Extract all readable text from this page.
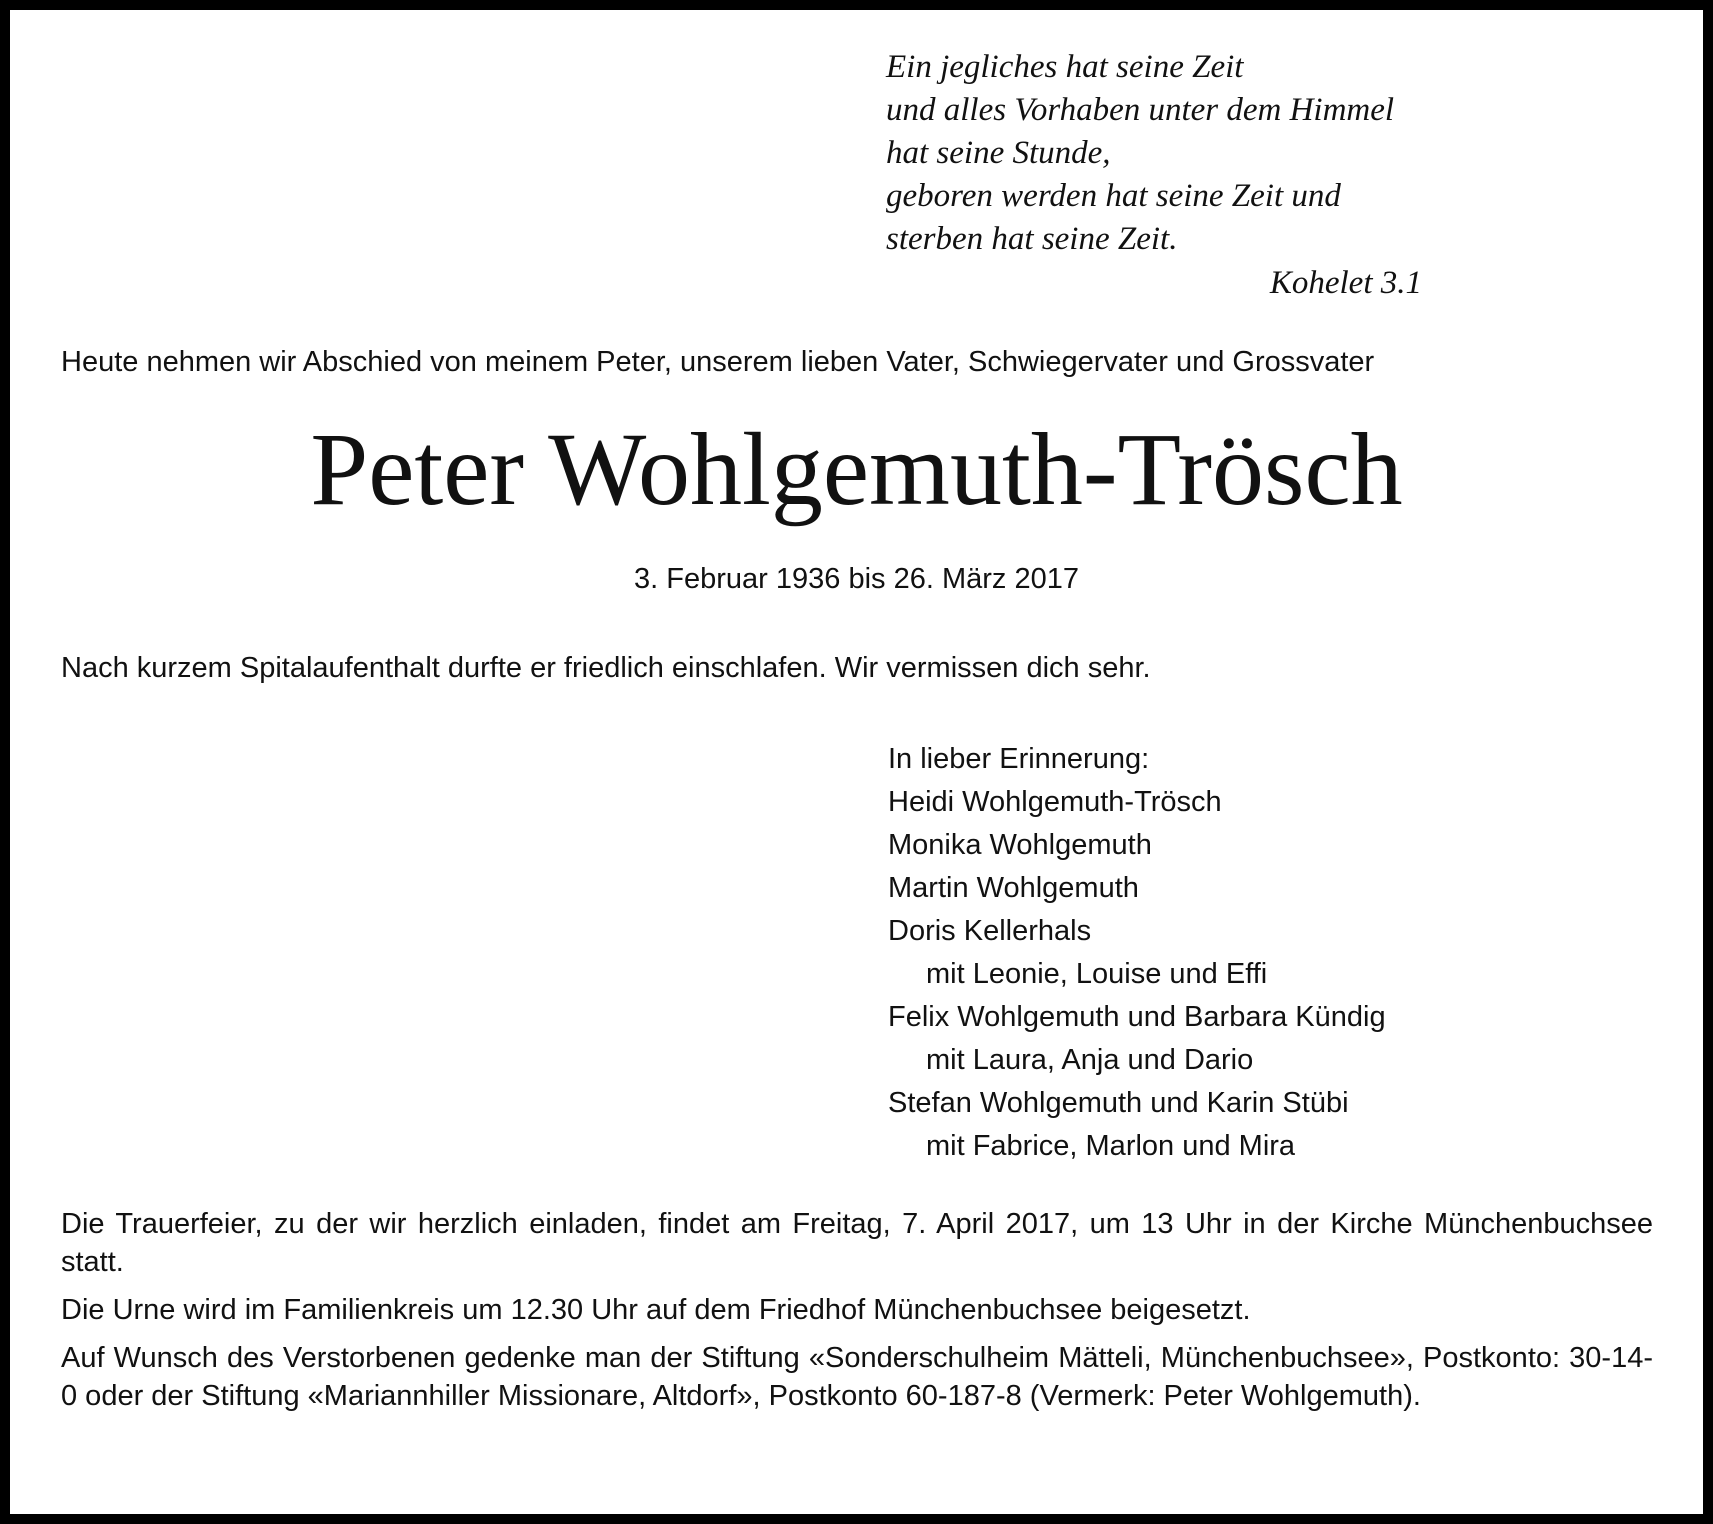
Ein jegliches hat seine Zeit
und alles Vorhaben unter dem Himmel
hat seine Stunde,
geboren werden hat seine Zeit und
sterben hat seine Zeit.
Kohelet 3.1
Heute nehmen wir Abschied von meinem Peter, unserem lieben Vater, Schwiegervater und Grossvater
Peter Wohlgemuth-Trösch
3. Februar 1936 bis 26. März 2017
Nach kurzem Spitalaufenthalt durfte er friedlich einschlafen. Wir vermissen dich sehr.
In lieber Erinnerung:
Heidi Wohlgemuth-Trösch
Monika Wohlgemuth
Martin Wohlgemuth
Doris Kellerhals
mit Leonie, Louise und Effi
Felix Wohlgemuth und Barbara Kündig
mit Laura, Anja und Dario
Stefan Wohlgemuth und Karin Stübi
mit Fabrice, Marlon und Mira

Die Trauerfeier, zu der wir herzlich einladen, findet am Freitag, 7. April 2017, um 13 Uhr in der Kirche Münchenbuchsee statt.

Die Urne wird im Familienkreis um 12.30 Uhr auf dem Friedhof Münchenbuchsee beigesetzt.

Auf Wunsch des Verstorbenen gedenke man der Stiftung «Sonderschulheim Mätteli, Münchenbuchsee», Postkonto: 30-14-0 oder der Stiftung «Mariannhiller Missionare, Altdorf», Postkonto 60-187-8 (Vermerk: Peter Wohlgemuth).
